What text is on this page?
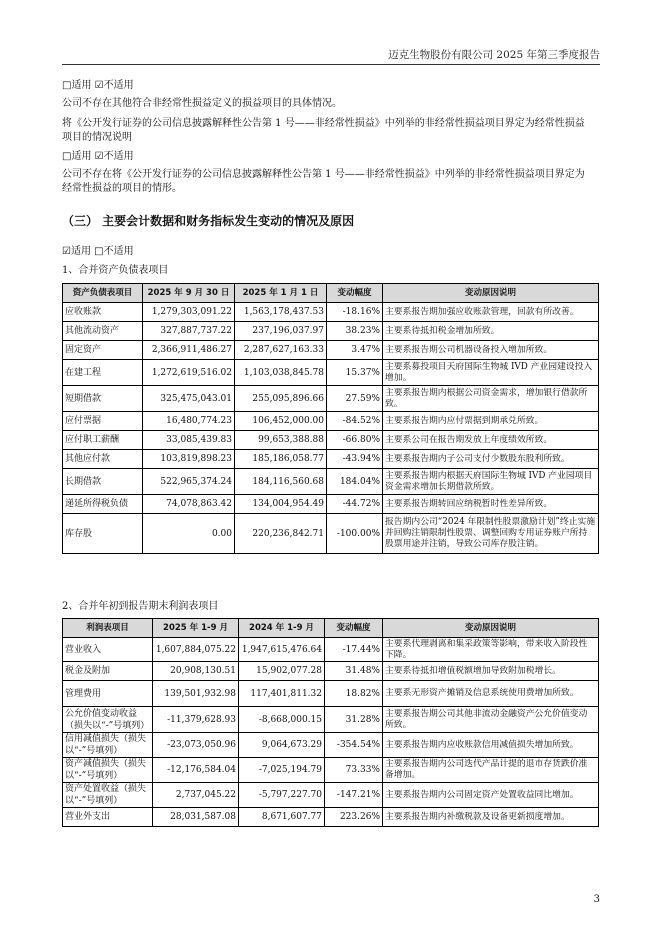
迈克生物股份有限公司 2025 年第三季度报告
□适用 ☑不适用
公司不存在其他符合非经常性损益定义的损益项目的具体情况。
将《公开发行证券的公司信息披露解释性公告第 1 号——非经常性损益》中列举的非经常性损益项目界定为经常性损益
项目的情况说明
□适用 ☑不适用
公司不存在将《公开发行证券的公司信息披露解释性公告第 1 号——非经常性损益》中列举的非经常性损益项目界定为
经常性损益的项目的情形。
（三） 主要会计数据和财务指标发生变动的情况及原因
☑适用 □不适用
1、合并资产负债表项目
资产负债表项目	2025 年 9 月 30 日	2025 年 1 月 1 日	变动幅度	变动原因说明
应收账款	1,279,303,091.22	1,563,178,437.53	-18.16%	主要系报告期加强应收账款管理，回款有所改善。
其他流动资产	327,887,737.22	237,196,037.97	38.23%	主要系待抵扣税金增加所致。
固定资产	2,366,911,486.27	2,287,627,163.33	3.47%	主要系报告期公司机器设备投入增加所致。
在建工程	1,272,619,516.02	1,103,038,845.78	15.37%	主要系募投项目天府国际生物城 IVD 产业园建设投入增加。
短期借款	325,475,043.01	255,095,896.66	27.59%	主要系报告期内根据公司资金需求，增加银行借款所致。
应付票据	16,480,774.23	106,452,000.00	-84.52%	主要系报告期内应付票据到期承兑所致。
应付职工薪酬	33,085,439.83	99,653,388.88	-66.80%	主要系公司在报告期发放上年度绩效所致。
其他应付款	103,819,898.23	185,186,058.77	-43.94%	主要系报告期内子公司支付少数股东股利所致。
长期借款	522,965,374.24	184,116,560.68	184.04%	主要系报告期内根据天府国际生物城 IVD 产业园项目资金需求增加长期借款所致。
递延所得税负债	74,078,863.42	134,004,954.49	-44.72%	主要系报告期转回应纳税暂时性差异所致。
库存股	0.00	220,236,842.71	-100.00%	报告期内公司“2024 年限制性股票激励计划”终止实施并回购注销限制性股票、调整回购专用证券账户所持股票用途并注销，导致公司库存股注销。
2、合并年初到报告期末利润表项目
利润表项目	2025 年 1-9 月	2024 年 1-9 月	变动幅度	变动原因说明
营业收入	1,607,884,075.22	1,947,615,476.64	-17.44%	主要系代理剥离和集采政策等影响，带来收入阶段性下降。
税金及附加	20,908,130.51	15,902,077.28	31.48%	主要系待抵扣增值税额增加导致附加税增长。
管理费用	139,501,932.98	117,401,811.32	18.82%	主要系无形资产摊销及信息系统使用费增加所致。
公允价值变动收益（损失以“-”号填列）	-11,379,628.93	-8,668,000.15	31.28%	主要系报告期公司其他非流动金融资产公允价值变动所致。
信用减值损失（损失以“-”号填列）	-23,073,050.96	9,064,673.29	-354.54%	主要系报告期内应收账款信用减值损失增加所致。
资产减值损失（损失以“-”号填列）	-12,176,584.04	-7,025,194.79	73.33%	主要系报告期内公司迭代产品计提的退市存货跌价准备增加。
资产处置收益（损失以“-”号填列）	2,737,045.22	-5,797,227.70	-147.21%	主要系报告期内公司固定资产处置收益同比增加。
营业外支出	28,031,587.08	8,671,607.77	223.26%	主要系报告期内补缴税款及设备更新损度增加。
3
